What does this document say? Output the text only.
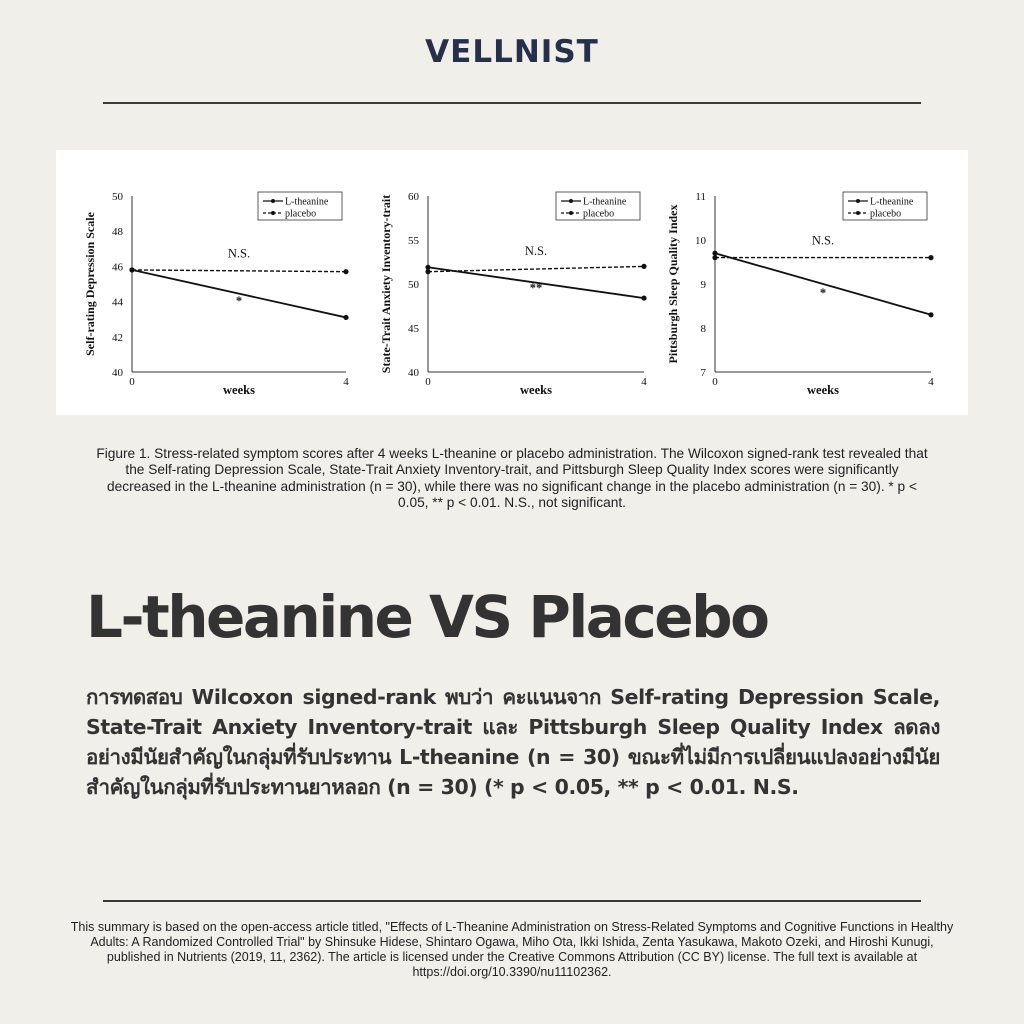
VELLNIST
40
42
44
46
48
50
0	4
weeks
Self-rating Depression Scale	N.S.
*
L-theanine
placebo
40
45
50
55
60
0	4
weeks
State-Trait Anxiety Inventory-trait	N.S.
**
L-theanine
placebo
7
8
9
10
11
0	4
weeks
Pittsburgh Sleep Quality Index	N.S.
*
L-theanine
placebo
Figure 1. Stress-related symptom scores after 4 weeks L-theanine or placebo administration. The Wilcoxon signed-rank test revealed that the Self-rating Depression Scale, State-Trait Anxiety Inventory-trait, and Pittsburgh Sleep Quality Index scores were significantly decreased in the L-theanine administration (n = 30), while there was no significant change in the placebo administration (n = 30). * p < 0.05, ** p < 0.01. N.S., not significant.
L-theanine VS Placebo
การทดสอบ Wilcoxon signed-rank พบว่า คะแนนจาก Self-rating Depression Scale, State-Trait Anxiety Inventory-trait และ Pittsburgh Sleep Quality Index ลดลงอย่างมีนัยสำคัญในกลุ่มที่รับประทาน L-theanine (n = 30) ขณะที่ไม่มีการเปลี่ยนแปลงอย่างมีนัยสำคัญในกลุ่มที่รับประทานยาหลอก (n = 30) (* p < 0.05, ** p < 0.01. N.S.
This summary is based on the open-access article titled, "Effects of L-Theanine Administration on Stress-Related Symptoms and Cognitive Functions in Healthy Adults: A Randomized Controlled Trial" by Shinsuke Hidese, Shintaro Ogawa, Miho Ota, Ikki Ishida, Zenta Yasukawa, Makoto Ozeki, and Hiroshi Kunugi, published in Nutrients (2019, 11, 2362). The article is licensed under the Creative Commons Attribution (CC BY) license. The full text is available at https://doi.org/10.3390/nu11102362.
